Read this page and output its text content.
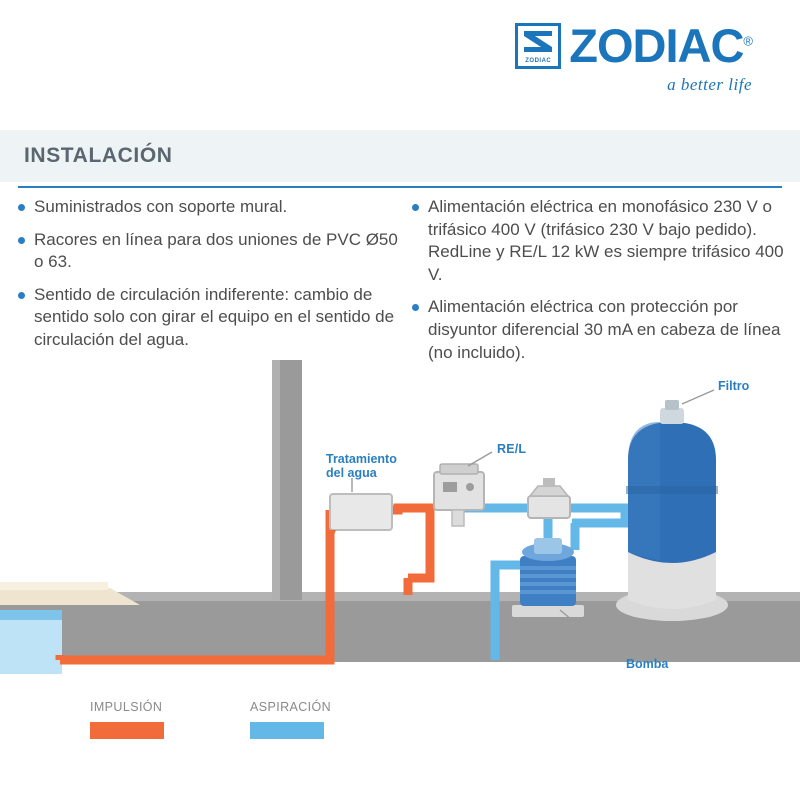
ZODIAC ZODIAC®
a better life
INSTALACIÓN

Suministrados con soporte mural.

Racores en línea para dos uniones de PVC Ø50 o 63.

Sentido de circulación indiferente: cambio de sentido solo con girar el equipo en el sentido de circulación del agua.

Alimentación eléctrica en monofásico 230 V o trifásico 400 V (trifásico 230 V bajo pedido). RedLine y RE/L 12 kW es siempre trifásico 400 V.

Alimentación eléctrica con protección por disyuntor diferencial 30 mA en cabeza de línea (no incluido).

RE/L
Tratamiento
del agua
Bomba
Filtro
IMPULSIÓN	ASPIRACIÓN
